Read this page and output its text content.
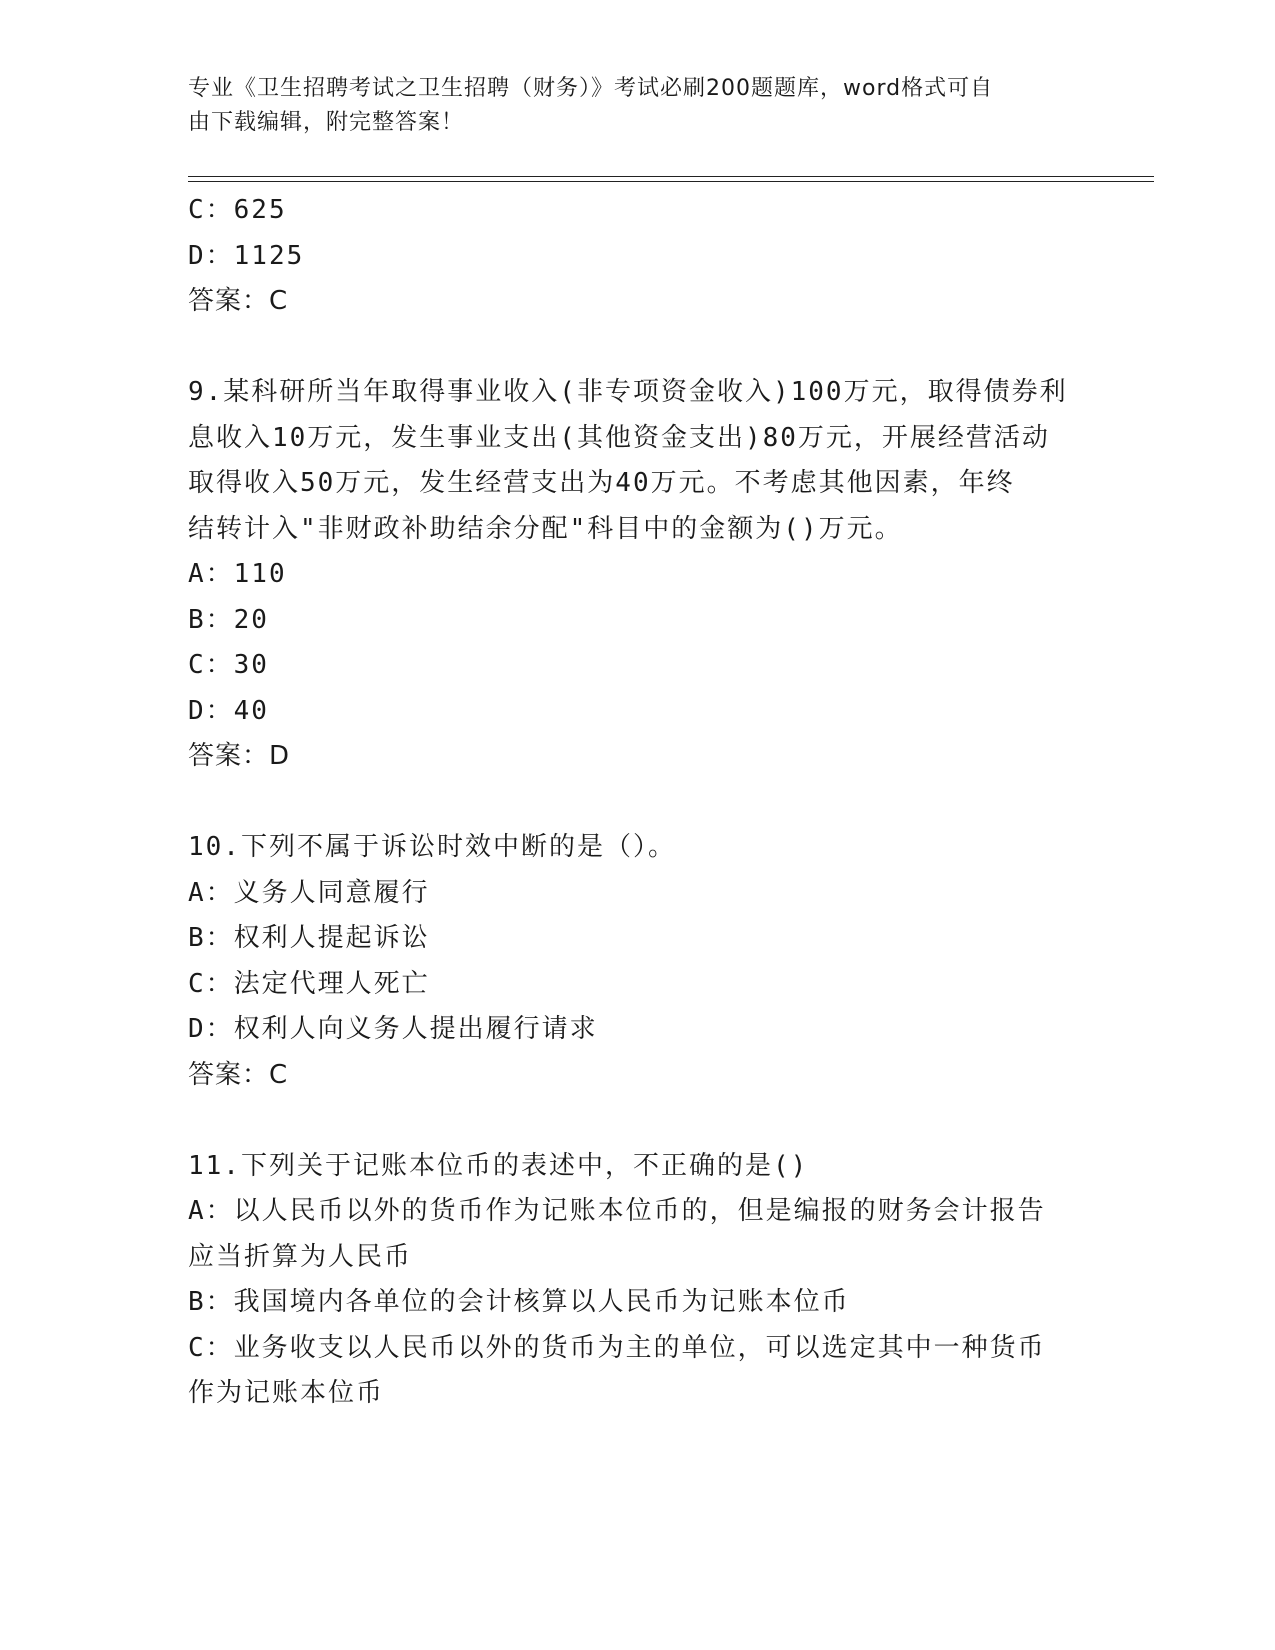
专业《卫生招聘考试之卫生招聘（财务）》考试必刷200题题库，word格式可自
由下载编辑，附完整答案！

C：625

D：1125

答案：C

9.某科研所当年取得事业收入(非专项资金收入)100万元，取得债券利

息收入10万元，发生事业支出(其他资金支出)80万元，开展经营活动

取得收入50万元，发生经营支出为40万元。不考虑其他因素，年终

结转计入"非财政补助结余分配"科目中的金额为()万元。

A：110

B：20

C：30

D：40

答案：D

10.下列不属于诉讼时效中断的是（）。

A：义务人同意履行

B：权利人提起诉讼

C：法定代理人死亡

D：权利人向义务人提出履行请求

答案：C

11.下列关于记账本位币的表述中，不正确的是()

A：以人民币以外的货币作为记账本位币的，但是编报的财务会计报告

应当折算为人民币

B：我国境内各单位的会计核算以人民币为记账本位币

C：业务收支以人民币以外的货币为主的单位，可以选定其中一种货币

作为记账本位币
